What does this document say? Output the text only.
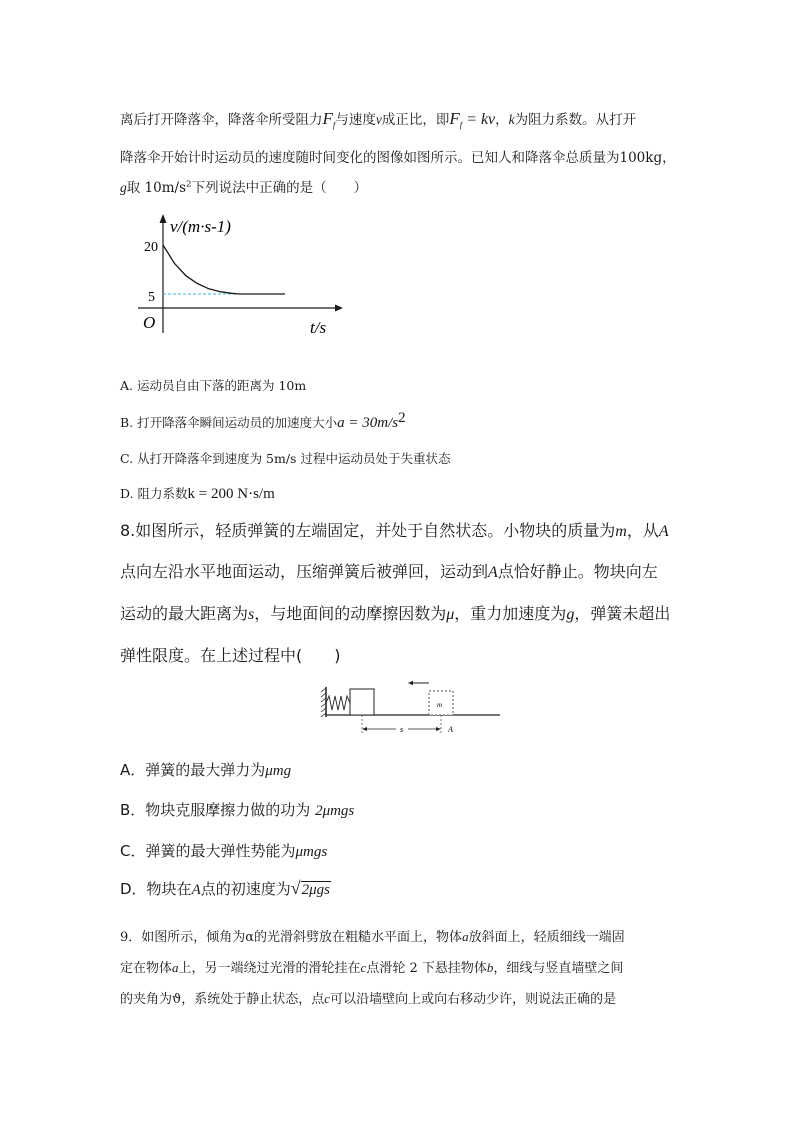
离后打开降落伞，降落伞所受阻力$F_f$与速度v成正比，即$F_f$ = kv，k为阻力系数。从打开
降落伞开始计时运动员的速度随时间变化的图像如图所示。已知人和降落伞总质量为100kg，
g取 $10m/s^2$下列说法中正确的是（　　）
v/(m·s-1)
20
5
O	t/s
A. 运动员自由下落的距离为 10m
B. 打开降落伞瞬间运动员的加速度大小$a = 30m/s^2$
C. 从打开降落伞到速度为 5m/s 过程中运动员处于失重状态
D. 阻力系数k = 200 N·s/m
8.如图所示，轻质弹簧的左端固定，并处于自然状态。小物块的质量为m，从A
点向左沿水平地面运动，压缩弹簧后被弹回，运动到A点恰好静止。物块向左
运动的最大距离为s，与地面间的动摩擦因数为μ，重力加速度为g，弹簧未超出
弹性限度。在上述过程中(　　)
m
s	A
A．弹簧的最大弹力为μmg
B．物块克服摩擦力做的功为 2μmgs
C．弹簧的最大弹性势能为μmgs
D．物块在A点的初速度为√2μgs
9．如图所示，倾角为α的光滑斜劈放在粗糙水平面上，物体a放斜面上，轻质细线一端固
定在物体a上，另一端绕过光滑的滑轮挂在c点滑轮 2 下悬挂物体b，细线与竖直墙壁之间
的夹角为ϑ，系统处于静止状态，点c可以沿墙壁向上或向右移动少许，则说法正确的是
